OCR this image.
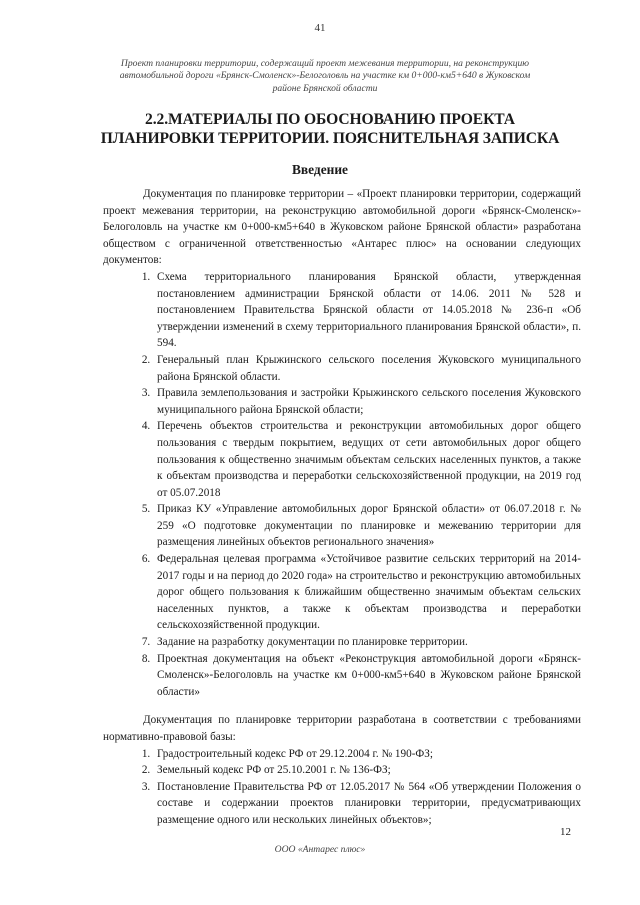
41
Проект планировки территории, содержащий проект межевания территории, на реконструкцию автомобильной дороги «Брянск-Смоленск»-Белоголовль на участке км 0+000-км5+640 в Жуковском районе Брянской области
2.2.МАТЕРИАЛЫ ПО ОБОСНОВАНИЮ ПРОЕКТА ПЛАНИРОВКИ ТЕРРИТОРИИ. ПОЯСНИТЕЛЬНАЯ ЗАПИСКА
Введение

Документация по планировке территории – «Проект планировки территории, содержащий проект межевания территории, на реконструкцию автомобильной дороги «Брянск-Смоленск»-Белоголовль на участке км 0+000-км5+640 в Жуковском районе Брянской области» разработана обществом с ограниченной ответственностью «Антарес плюс» на основании следующих документов:

1. Схема территориального планирования Брянской области, утвержденная постановлением администрации Брянской области от 14.06. 2011 № 528 и постановлением Правительства Брянской области от 14.05.2018 № 236-п «Об утверждении изменений в схему территориального планирования Брянской области», п. 594.
2. Генеральный план Крыжинского сельского поселения Жуковского муниципального района Брянской области.
3. Правила землепользования и застройки Крыжинского сельского поселения Жуковского муниципального района Брянской области;
4. Перечень объектов строительства и реконструкции автомобильных дорог общего пользования с твердым покрытием, ведущих от сети автомобильных дорог общего пользования к общественно значимым объектам сельских населенных пунктов, а также к объектам производства и переработки сельскохозяйственной продукции, на 2019 год от 05.07.2018
5. Приказ КУ «Управление автомобильных дорог Брянской области» от 06.07.2018 г. № 259 «О подготовке документации по планировке и межеванию территории для размещения линейных объектов регионального значения»
6. Федеральная целевая программа «Устойчивое развитие сельских территорий на 2014-2017 годы и на период до 2020 года» на строительство и реконструкцию автомобильных дорог общего пользования к ближайшим общественно значимым объектам сельских населенных пунктов, а также к объектам производства и переработки сельскохозяйственной продукции.
7. Задание на разработку документации по планировке территории.
8. Проектная документация на объект «Реконструкция автомобильной дороги «Брянск-Смоленск»-Белоголовль на участке км 0+000-км5+640 в Жуковском районе Брянской области»

Документация по планировке территории разработана в соответствии с требованиями нормативно-правовой базы:

1. Градостроительный кодекс РФ от 29.12.2004 г. № 190-ФЗ;
2. Земельный кодекс РФ от 25.10.2001 г. № 136-ФЗ;
3. Постановление Правительства РФ от 12.05.2017 № 564 «Об утверждении Положения о составе и содержании проектов планировки территории, предусматривающих размещение одного или нескольких линейных объектов»;
12
ООО «Антарес плюс»
